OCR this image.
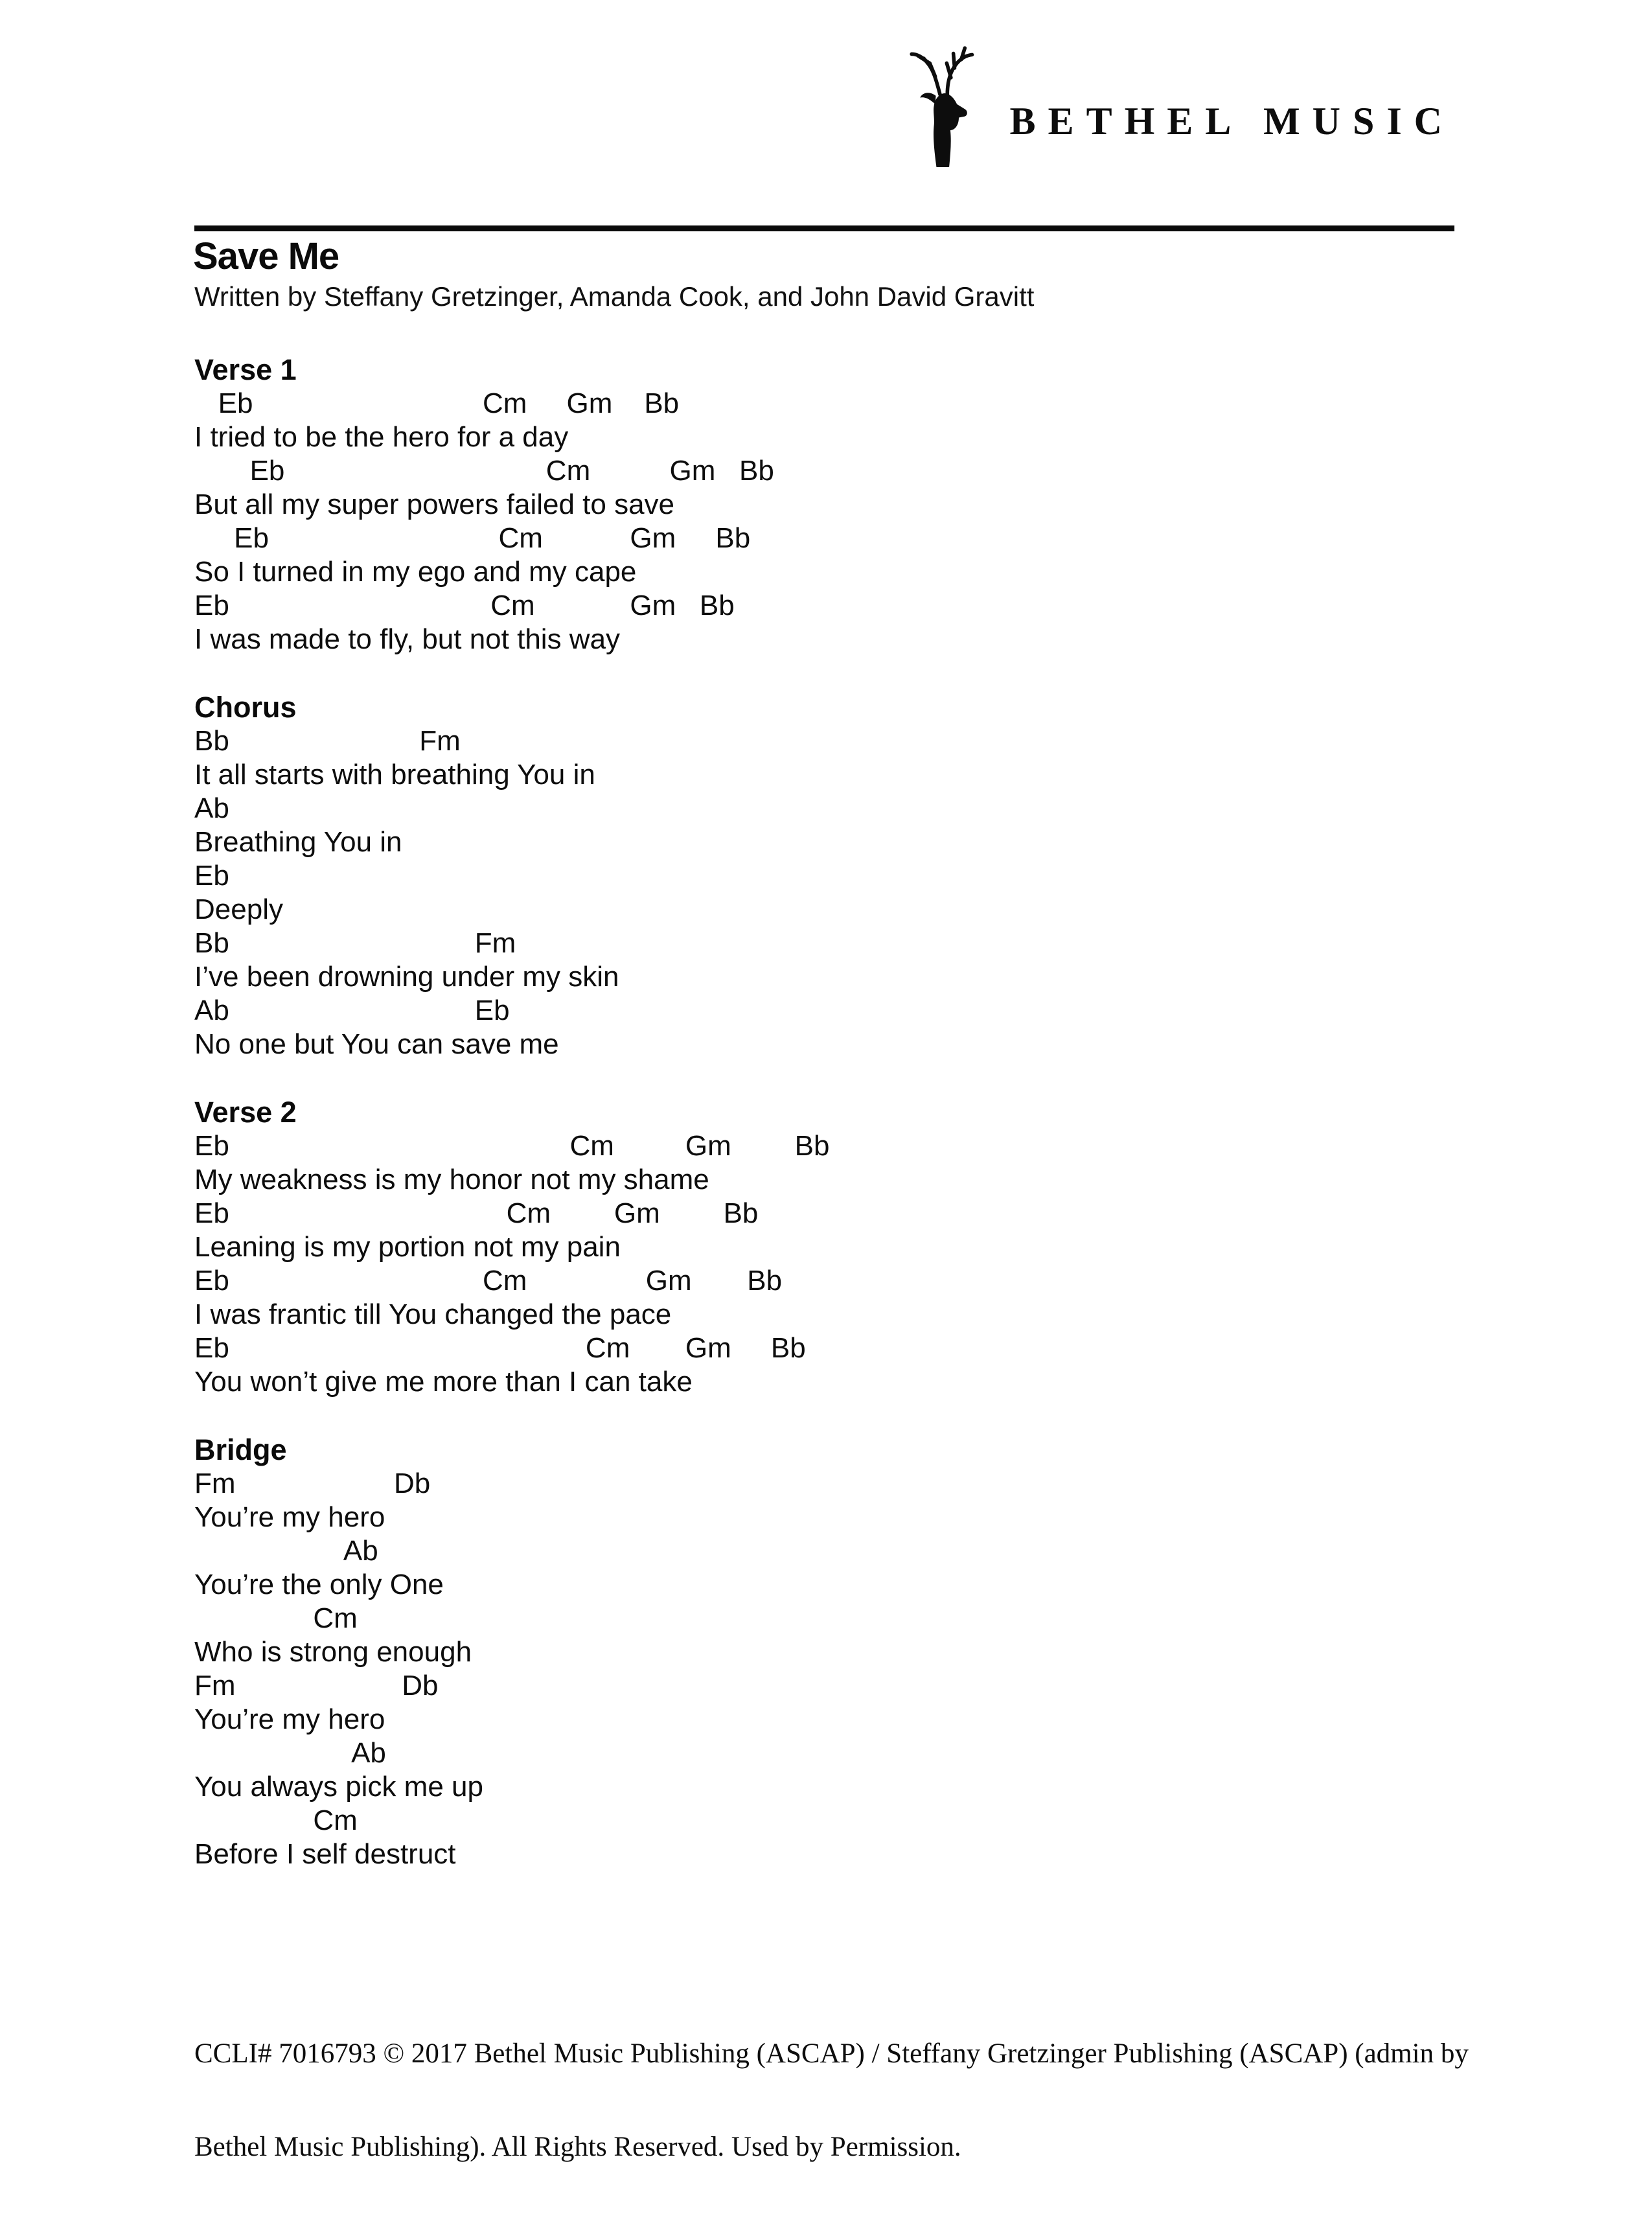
BETHEL MUSIC
Save Me
Written by Steffany Gretzinger, Amanda Cook, and John David Gravitt
Verse 1
Eb                             Cm     Gm    Bb
I tried to be the hero for a day
Eb                                 Cm          Gm   Bb
But all my super powers failed to save
Eb                             Cm           Gm     Bb
So I turned in my ego and my cape
Eb                                 Cm            Gm   Bb
I was made to fly, but not this way
Chorus
Bb                        Fm
It all starts with breathing You in
Ab
Breathing You in
Eb
Deeply
Bb                               Fm
I’ve been drowning under my skin
Ab                               Eb
No one but You can save me
Verse 2
Eb                                           Cm         Gm        Bb
My weakness is my honor not my shame
Eb                                   Cm        Gm        Bb
Leaning is my portion not my pain
Eb                                Cm               Gm       Bb
I was frantic till You changed the pace
Eb                                             Cm       Gm     Bb
You won’t give me more than I can take
Bridge
Fm                    Db
You’re my hero
Ab
You’re the only One
Cm
Who is strong enough
Fm                     Db
You’re my hero
Ab
You always pick me up
Cm
Before I self destruct

CCLI# 7016793 © 2017 Bethel Music Publishing (ASCAP) / Steffany Gretzinger Publishing (ASCAP) (admin by

Bethel Music Publishing). All Rights Reserved. Used by Permission.
